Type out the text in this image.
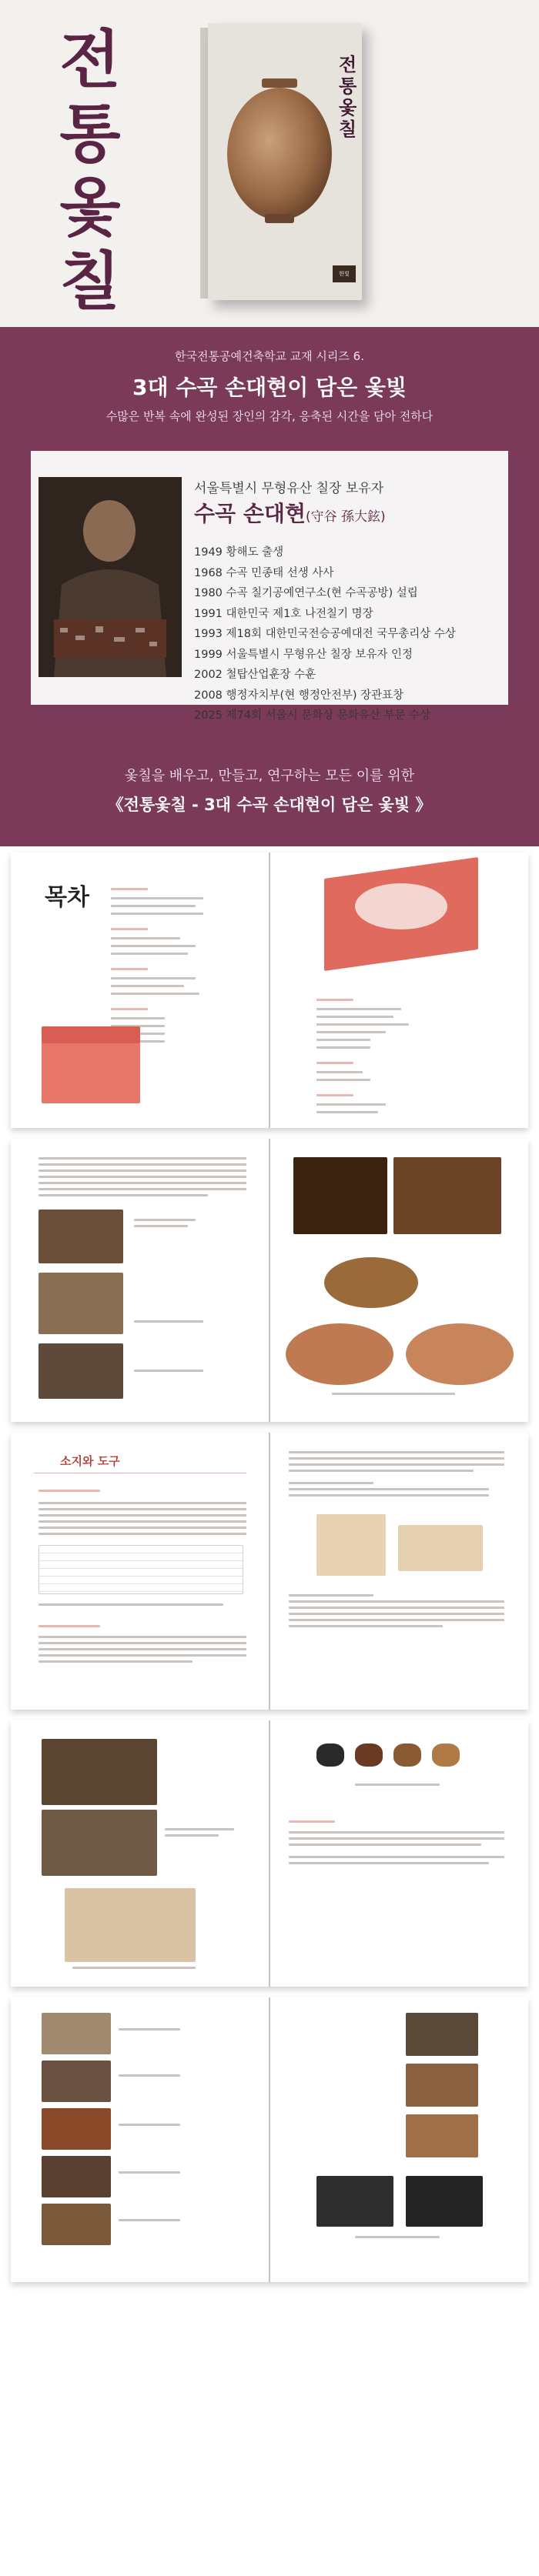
전통옻칠
전통옻칠
한빛
한국전통공예건축학교 교재 시리즈 6.
3대 수곡 손대현이 담은 옻빛
수많은 반복 속에 완성된 장인의 감각, 응축된 시간을 담아 전하다
서울특별시 무형유산 칠장 보유자
수곡 손대현(守谷 孫大鉉)
1949 황해도 출생
1968 수곡 민종태 선생 사사
1980 수곡 칠기공예연구소(현 수곡공방) 설립
1991 대한민국 제1호 나전칠기 명장
1993 제18회 대한민국전승공예대전 국무총리상 수상
1999 서울특별시 무형유산 칠장 보유자 인정
2002 철탑산업훈장 수훈
2008 행정자치부(현 행정안전부) 장관표창
2025 제74회 서울시 문화상 문화유산 부문 수상
옻칠을 배우고, 만들고, 연구하는 모든 이를 위한
《전통옻칠 - 3대 수곡 손대현이 담은 옻빛 》
목차
소지와 도구
